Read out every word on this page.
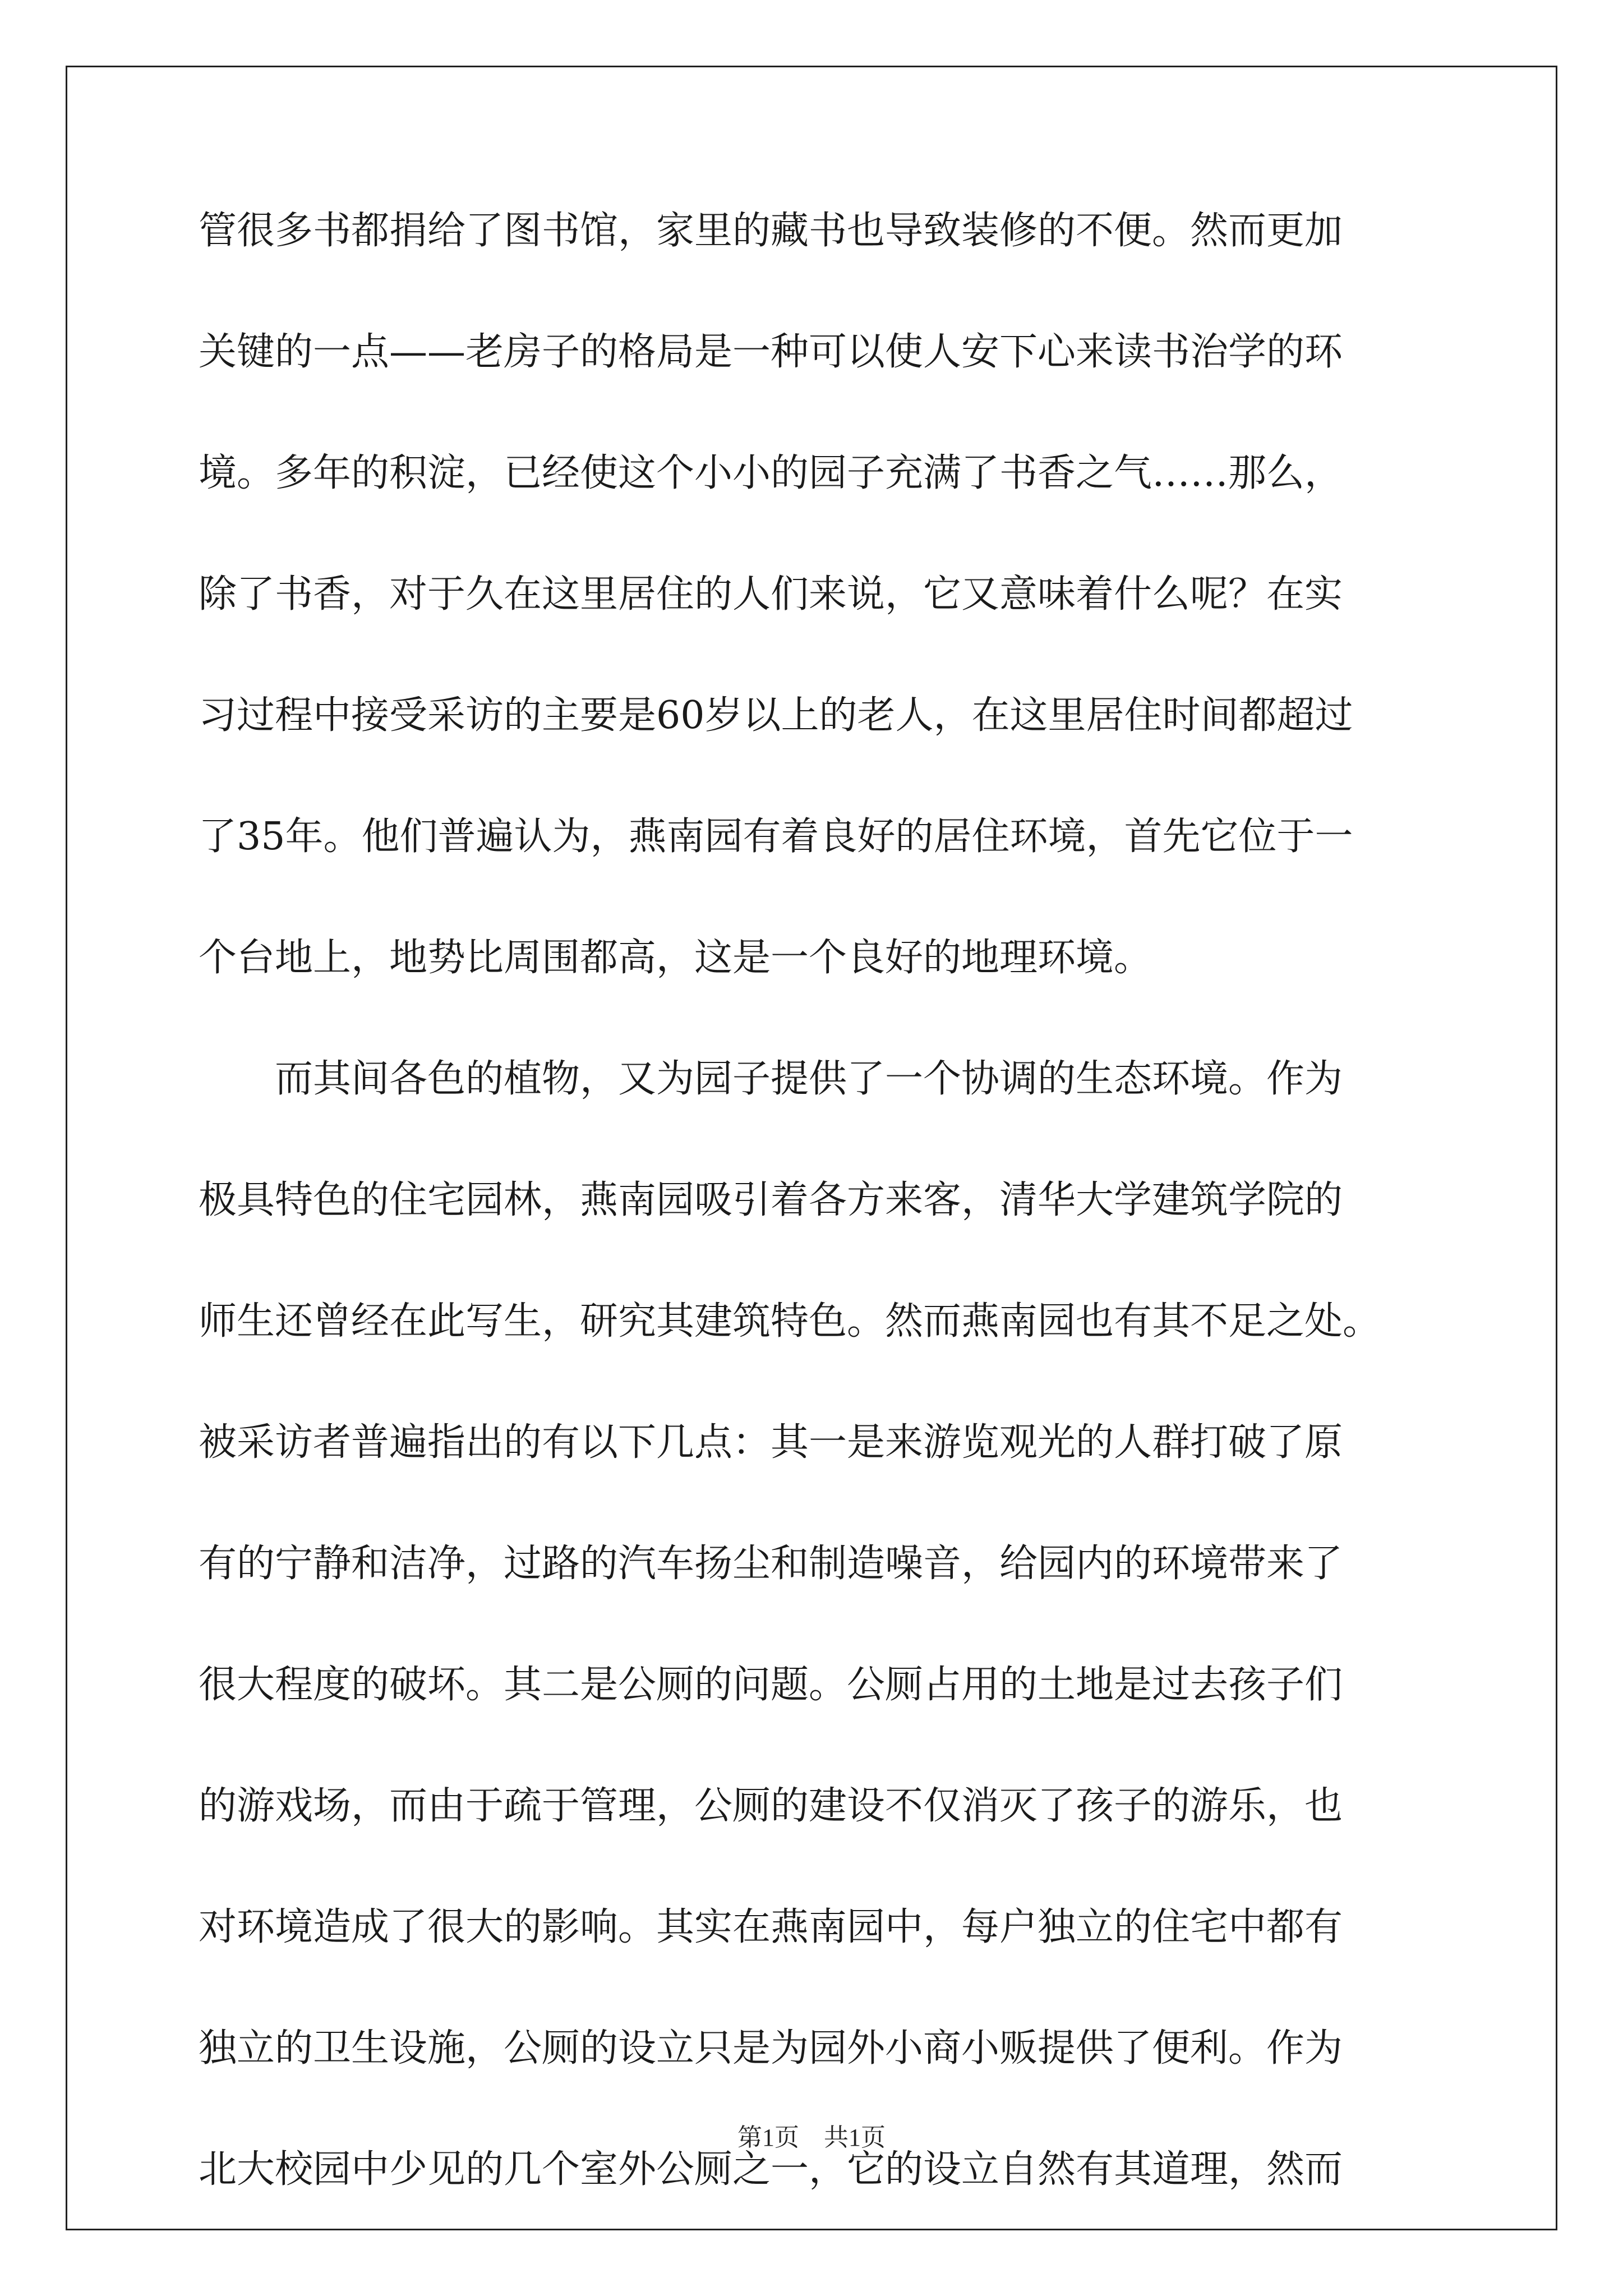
管很多书都捐给了图书馆，家里的藏书也导致装修的不便。然而更加
关键的一点——老房子的格局是一种可以使人安下心来读书治学的环
境。多年的积淀，已经使这个小小的园子充满了书香之气……那么，
除了书香，对于久在这里居住的人们来说，它又意味着什么呢？在实
习过程中接受采访的主要是60岁以上的老人，在这里居住时间都超过
了35年。他们普遍认为，燕南园有着良好的居住环境，首先它位于一
个台地上，地势比周围都高，这是一个良好的地理环境。
　　而其间各色的植物，又为园子提供了一个协调的生态环境。作为
极具特色的住宅园林，燕南园吸引着各方来客，清华大学建筑学院的
师生还曾经在此写生，研究其建筑特色。然而燕南园也有其不足之处。
被采访者普遍指出的有以下几点：其一是来游览观光的人群打破了原
有的宁静和洁净，过路的汽车扬尘和制造噪音，给园内的环境带来了
很大程度的破坏。其二是公厕的问题。公厕占用的土地是过去孩子们
的游戏场，而由于疏于管理，公厕的建设不仅消灭了孩子的游乐，也
对环境造成了很大的影响。其实在燕南园中，每户独立的住宅中都有
独立的卫生设施，公厕的设立只是为园外小商小贩提供了便利。作为
北大校园中少见的几个室外公厕之一，它的设立自然有其道理，然而
第1页　共1页
